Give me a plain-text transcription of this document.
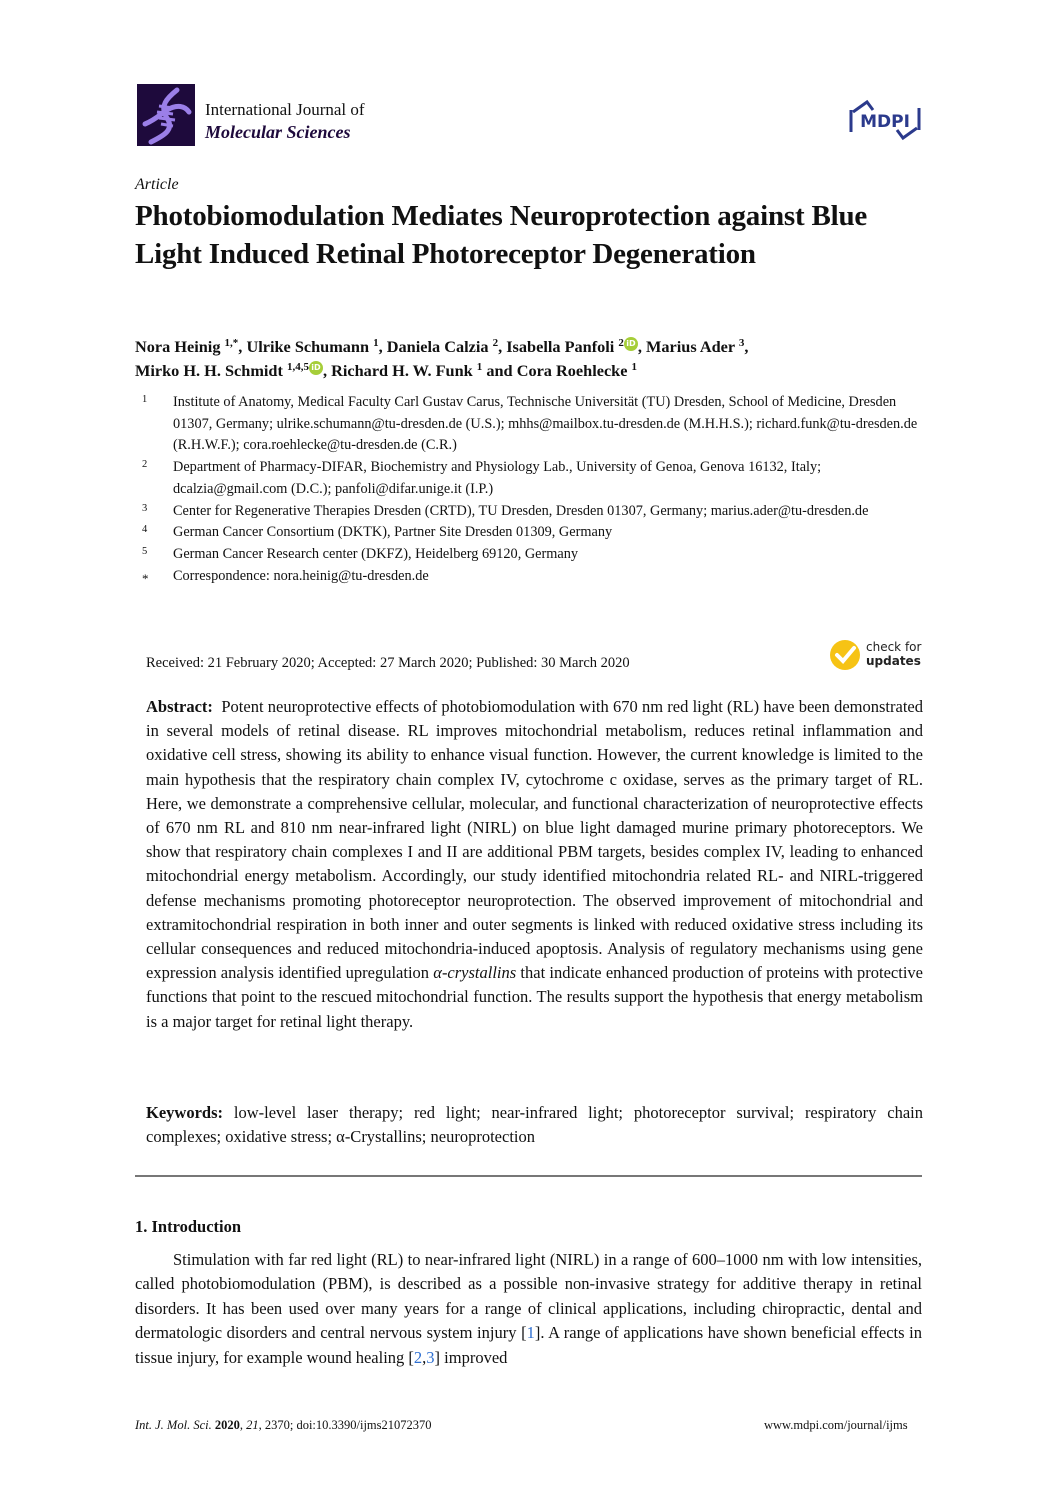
International Journal of
Molecular Sciences	MDPI
Article
Photobiomodulation Mediates Neuroprotection against Blue Light Induced Retinal Photoreceptor Degeneration
Nora Heinig $^{1,*}$, Ulrike Schumann $^1$, Daniela Calzia $^2$, Isabella Panfoli $^2$ iD , Marius Ader $^3$,
Mirko H. H. Schmidt $^{1,4,5}$ iD , Richard H. W. Funk $^1$ and Cora Roehlecke $^1$
1 Institute of Anatomy, Medical Faculty Carl Gustav Carus, Technische Universität (TU) Dresden, School of Medicine, Dresden 01307, Germany; ulrike.schumann@tu-dresden.de (U.S.); mhhs@mailbox.tu-dresden.de (M.H.H.S.); richard.funk@tu-dresden.de (R.H.W.F.); cora.roehlecke@tu-dresden.de (C.R.)
2 Department of Pharmacy-DIFAR, Biochemistry and Physiology Lab., University of Genoa, Genova 16132, Italy; dcalzia@gmail.com (D.C.); panfoli@difar.unige.it (I.P.)
3 Center for Regenerative Therapies Dresden (CRTD), TU Dresden, Dresden 01307, Germany; marius.ader@tu-dresden.de
4 German Cancer Consortium (DKTK), Partner Site Dresden 01309, Germany
5 German Cancer Research center (DKFZ), Heidelberg 69120, Germany
* Correspondence: nora.heinig@tu-dresden.de
Received: 21 February 2020; Accepted: 27 March 2020; Published: 30 March 2020
check for
updates
Abstract: Potent neuroprotective effects of photobiomodulation with 670 nm red light (RL) have been demonstrated in several models of retinal disease. RL improves mitochondrial metabolism, reduces retinal inflammation and oxidative cell stress, showing its ability to enhance visual function. However, the current knowledge is limited to the main hypothesis that the respiratory chain complex IV, cytochrome c oxidase, serves as the primary target of RL. Here, we demonstrate a comprehensive cellular, molecular, and functional characterization of neuroprotective effects of 670 nm RL and 810 nm near-infrared light (NIRL) on blue light damaged murine primary photoreceptors. We show that respiratory chain complexes I and II are additional PBM targets, besides complex IV, leading to enhanced mitochondrial energy metabolism. Accordingly, our study identified mitochondria related RL- and NIRL-triggered defense mechanisms promoting photoreceptor neuroprotection. The observed improvement of mitochondrial and extramitochondrial respiration in both inner and outer segments is linked with reduced oxidative stress including its cellular consequences and reduced mitochondria-induced apoptosis. Analysis of regulatory mechanisms using gene expression analysis identified upregulation α-crystallins that indicate enhanced production of proteins with protective functions that point to the rescued mitochondrial function. The results support the hypothesis that energy metabolism is a major target for retinal light therapy.
Keywords: low-level laser therapy; red light; near-infrared light; photoreceptor survival; respiratory chain complexes; oxidative stress; α-Crystallins; neuroprotection
1. Introduction

Stimulation with far red light (RL) to near-infrared light (NIRL) in a range of 600–1000 nm with low intensities, called photobiomodulation (PBM), is described as a possible non-invasive strategy for additive therapy in retinal disorders. It has been used over many years for a range of clinical applications, including chiropractic, dental and dermatologic disorders and central nervous system injury [1]. A range of applications have shown beneficial effects in tissue injury, for example wound healing [2,3] improved

Int. J. Mol. Sci. 2020, 21, 2370; doi:10.3390/ijms21072370	www.mdpi.com/journal/ijms
